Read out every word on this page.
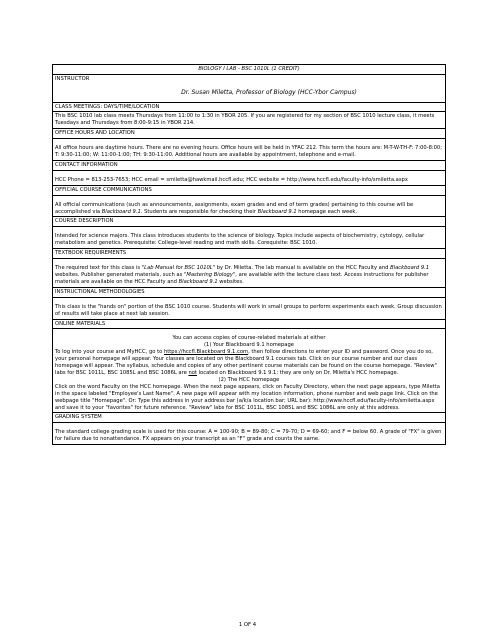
BIOLOGY I LAB - BSC 1010L (1 CREDIT)

INSTRUCTOR
Dr. Susan Miletta, Professor of Biology (HCC-Ybor Campus)

CLASS MEETINGS: DAYS/TIME/LOCATION
This BSC 1010 lab class meets Thursdays from 11:00 to 1:30 in YBOR 205. If you are registered for my section of BSC 1010 lecture class, it meets Tuesdays and Thursdays from 8:00-9:15 in YBOR 214.
OFFICE HOURS AND LOCATION

All office hours are daytime hours. There are no evening hours. Office hours will be held in YFAC 212. This term the hours are: M-T-W-TH-F: 7:00-8:00; T: 9:30-11:00; W: 11:00-1:00; TH: 9:30-11:00. Additional hours are available by appointment, telephone and e-mail.

CONTACT INFORMATION

HCC Phone = 813-253-7653; HCC email = smiletta@hawkmail.hccfl.edu; HCC website = http://www.hccfl.edu/faculty-info/smiletta.aspx

OFFICIAL COURSE COMMUNICATIONS

All official communications (such as announcements, assignments, exam grades and end of term grades) pertaining to this course will be accomplished via Blackboard 9.1. Students are responsible for checking their Blackboard 9.1 homepage each week.

COURSE DESCRIPTION

Intended for science majors. This class introduces students to the science of biology. Topics include aspects of biochemistry, cytology, cellular metabolism and genetics. Prerequisite: College-level reading and math skills. Corequisite: BSC 1010.

TEXTBOOK REQUIREMENTS

The required text for this class is "Lab Manual for BSC 1010L" by Dr. Miletta. The lab manual is available on the HCC Faculty and Blackboard 9.1 websites. Publisher generated materials, such as "Mastering Biology", are available with the lecture class text. Access instructions for publisher materials are available on the HCC Faculty and Blackboard 9.1 websites.

INSTRUCTIONAL METHODOLOGIES

This class is the "hands on" portion of the BSC 1010 course. Students will work in small groups to perform experiments each week. Group discussion of results will take place at next lab session.

ONLINE MATERIALS

You can access copies of course-related materials at either
(1) Your Blackboard 9.1 homepage
To log into your course and MyHCC, go to https://hccfl.Blackboard 9.1.com, then follow directions to enter your ID and password. Once you do so, your personal homepage will appear. Your classes are located on the Blackboard 9.1 courses tab. Click on our course number and our class homepage will appear. The syllabus, schedule and copies of any other pertinent course materials can be found on the course homepage. "Review" labs for BSC 1011L, BSC 1085L and BSC 1086L are not located on Blackboard 9.1 9.1; they are only on Dr. Miletta's HCC homepage.
(2) The HCC homepage
Click on the word Faculty on the HCC homepage. When the next page appears, click on Faculty Directory, when the next page appears, type Miletta in the space labeled "Employee's Last Name". A new page will appear with my location information, phone number and web page link. Click on the webpage title "Homepage". Or: Type this address in your address bar (a/k/a location bar; URL bar): http://www.hccfl.edu/faculty-info/smiletta.aspx and save it to your "favorites" for future reference. "Review" labs for BSC 1011L, BSC 1085L and BSC 1086L are only at this address.

GRADING SYSTEM

The standard college grading scale is used for this course: A = 100-90; B = 89-80; C = 79-70; D = 69-60; and F = below 60. A grade of "FX" is given for failure due to nonattendance. FX appears on your transcript as an "F" grade and counts the same.
1 OF 4
